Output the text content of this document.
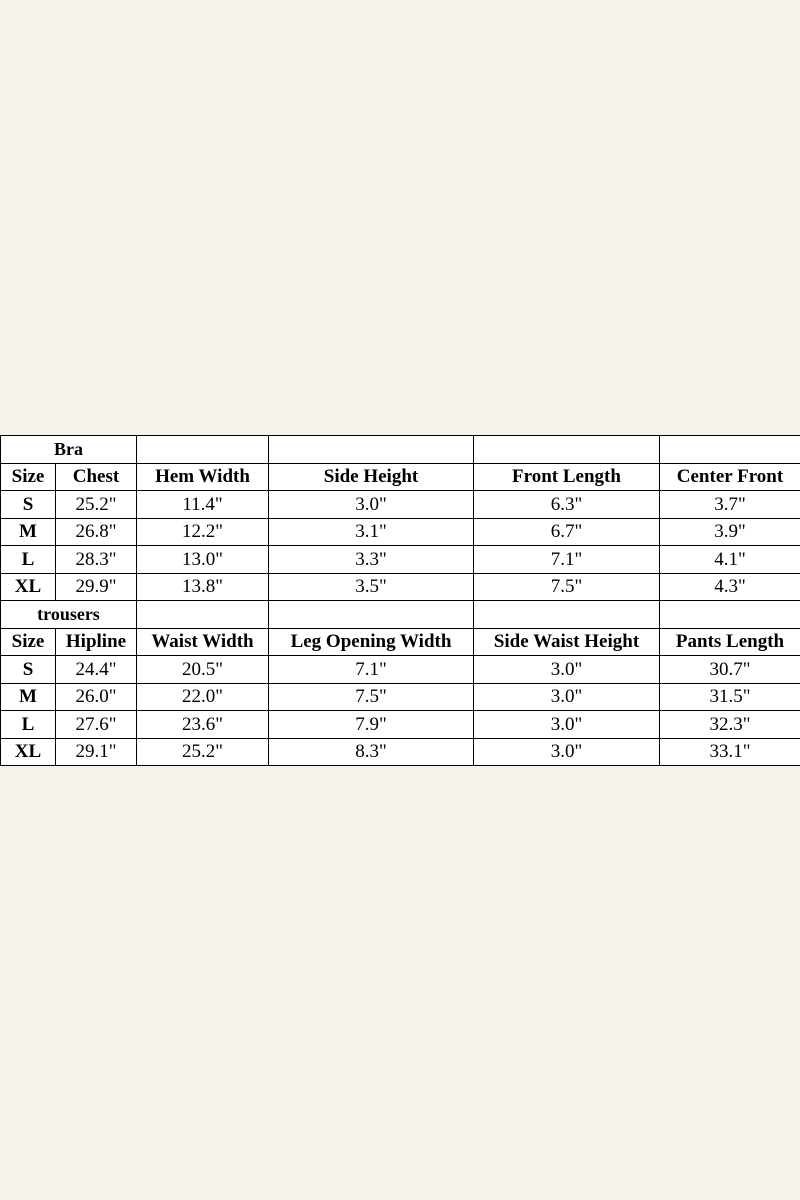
Bra					
Size	Chest	Hem Width	Side Height	Front Length	Center Front
S	25.2"	11.4"	3.0"	6.3"	3.7"
M	26.8"	12.2"	3.1"	6.7"	3.9"
L	28.3"	13.0"	3.3"	7.1"	4.1"
XL	29.9"	13.8"	3.5"	7.5"	4.3"
trousers					
Size	Hipline	Waist Width	Leg Opening Width	Side Waist Height	Pants Length
S	24.4"	20.5"	7.1"	3.0"	30.7"
M	26.0"	22.0"	7.5"	3.0"	31.5"
L	27.6"	23.6"	7.9"	3.0"	32.3"
XL	29.1"	25.2"	8.3"	3.0"	33.1"
